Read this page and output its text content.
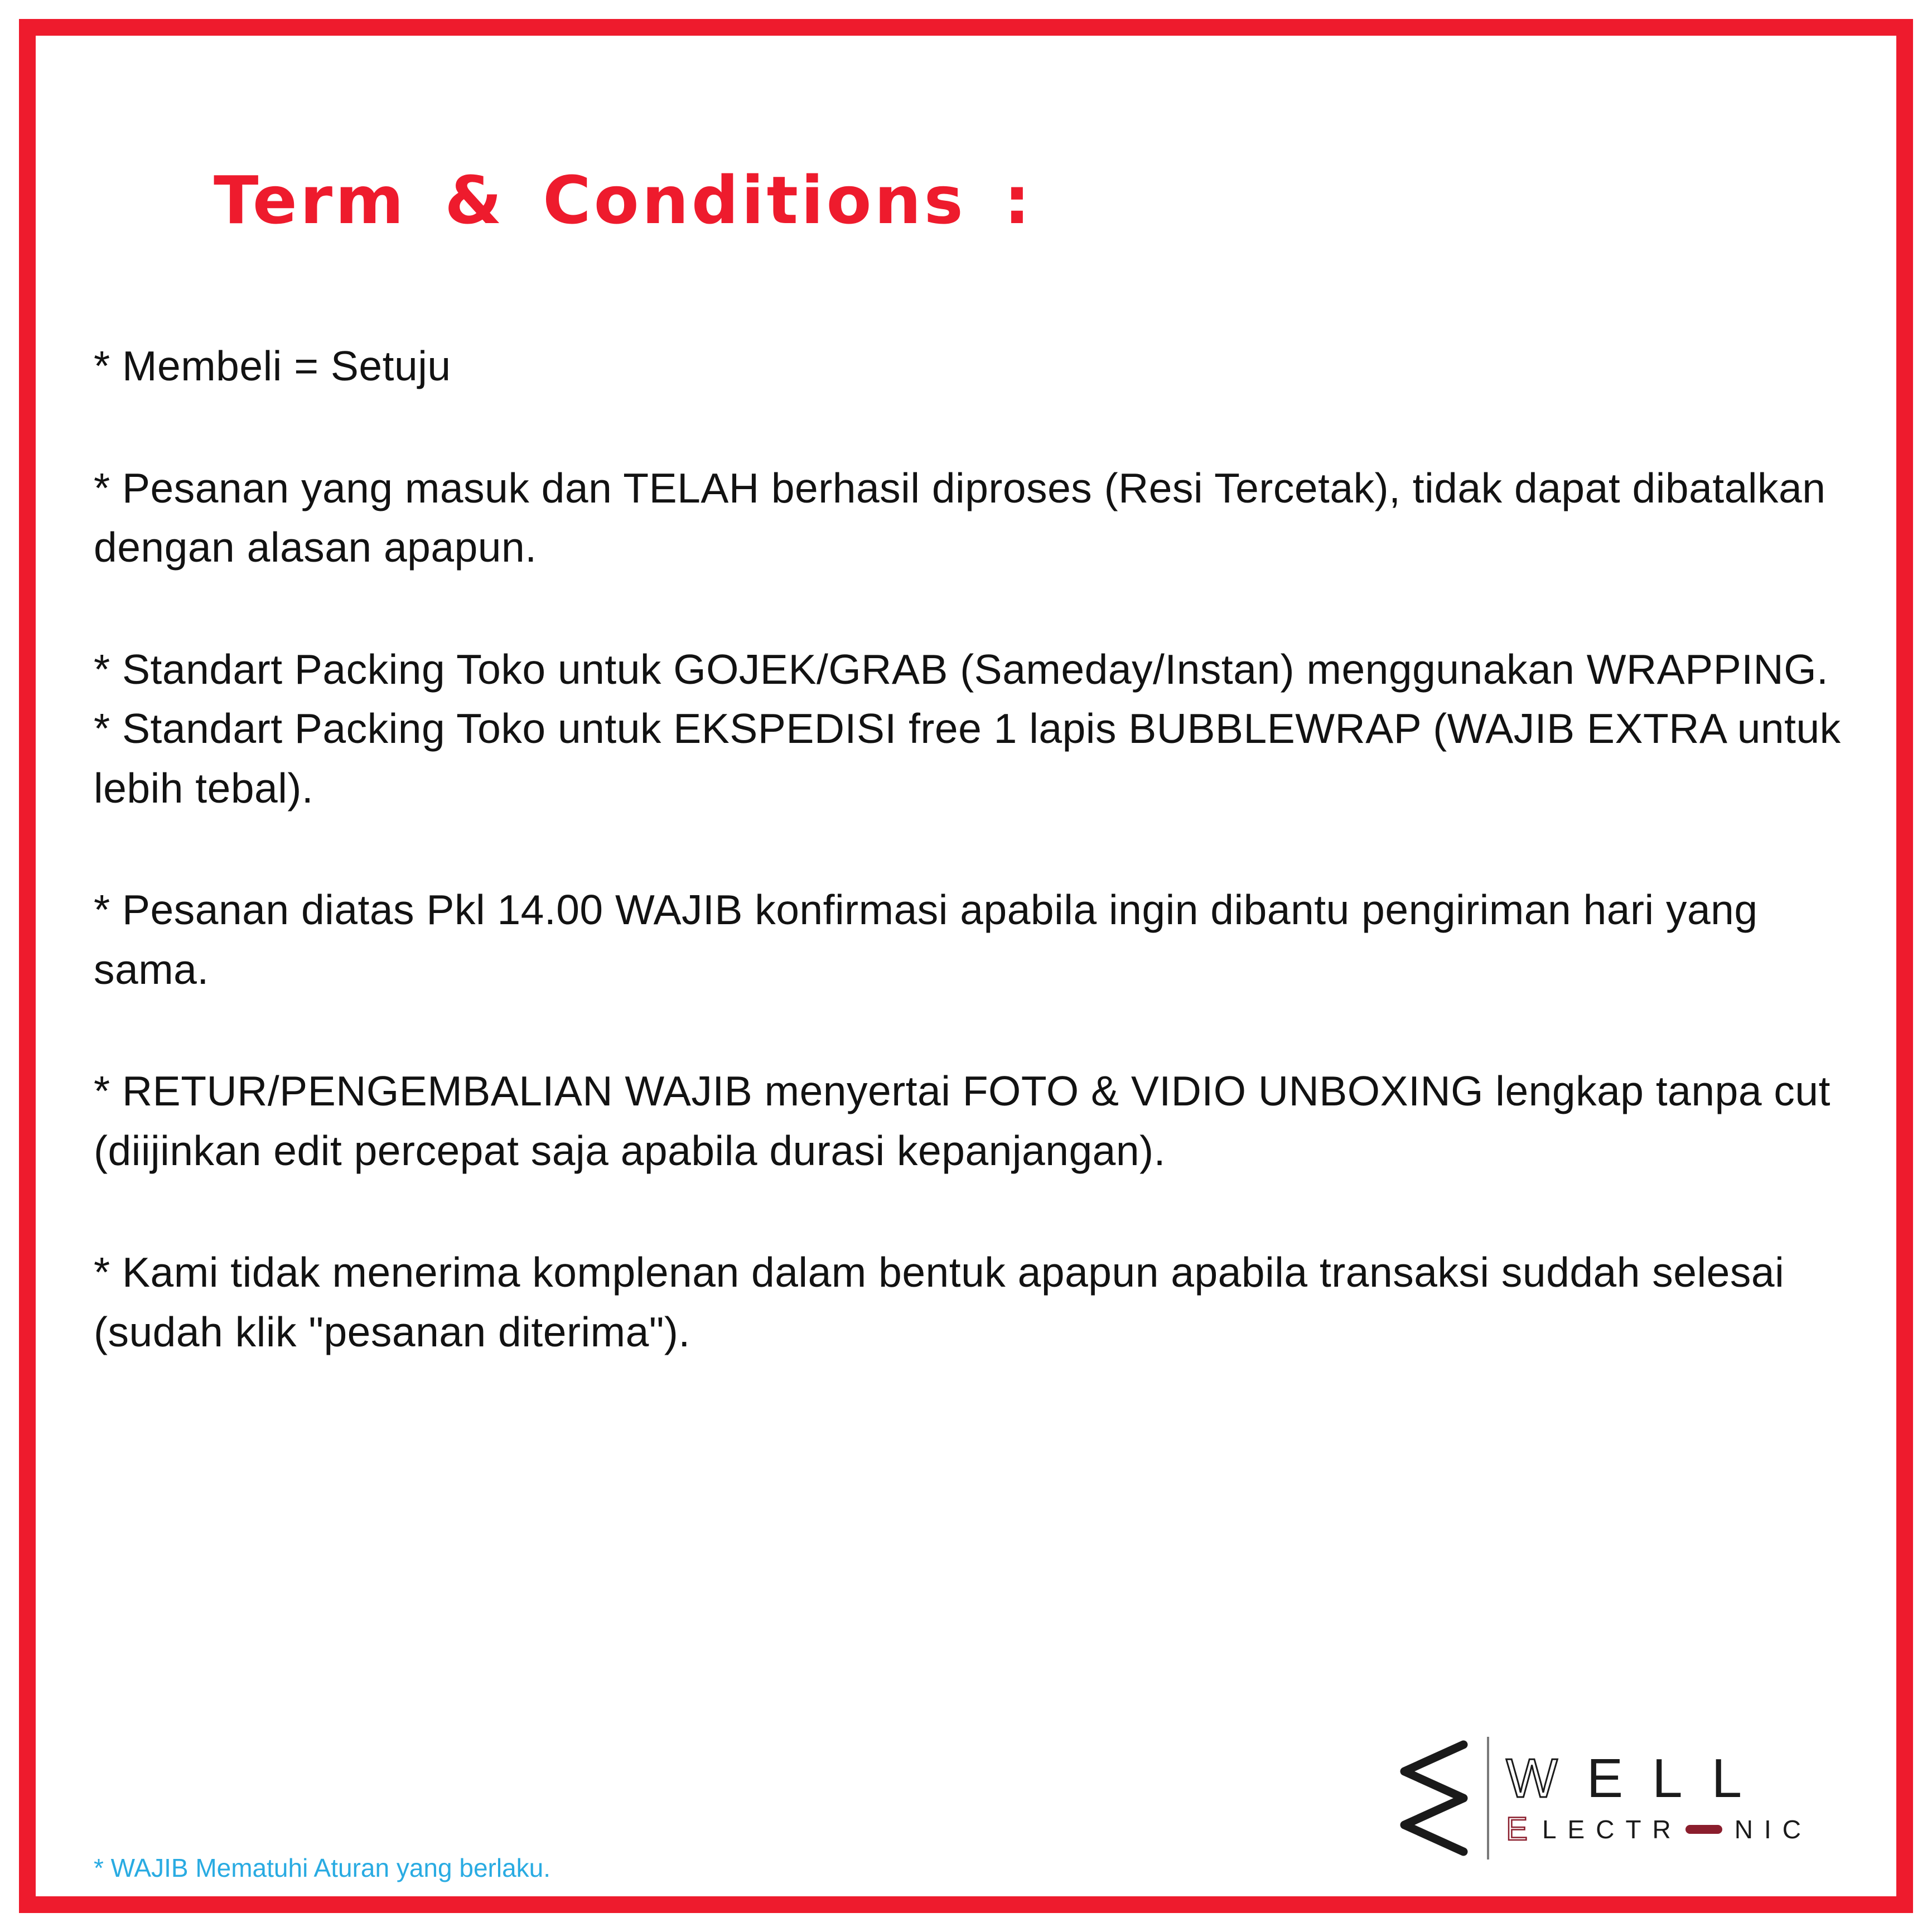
Term & Conditions :

* Membeli = Setuju

* Pesanan yang masuk dan TELAH berhasil diproses (Resi Tercetak), tidak dapat dibatalkan dengan alasan apapun.

* Standart Packing Toko untuk GOJEK/GRAB (Sameday/Instan) menggunakan WRAPPING.

* Standart Packing Toko untuk EKSPEDISI free 1 lapis BUBBLEWRAP (WAJIB EXTRA untuk lebih tebal).

* Pesanan diatas Pkl 14.00 WAJIB konfirmasi apabila ingin dibantu pengiriman hari yang sama.

* RETUR/PENGEMBALIAN WAJIB menyertai FOTO & VIDIO UNBOXING lengkap tanpa cut (diijinkan edit percepat saja apabila durasi kepanjangan).

* Kami tidak menerima komplenan dalam bentuk apapun apabila transaksi suddah selesai (sudah klik "pesanan diterima").

* WAJIB Mematuhi Aturan yang berlaku.
WELL
E LECTR NIC
